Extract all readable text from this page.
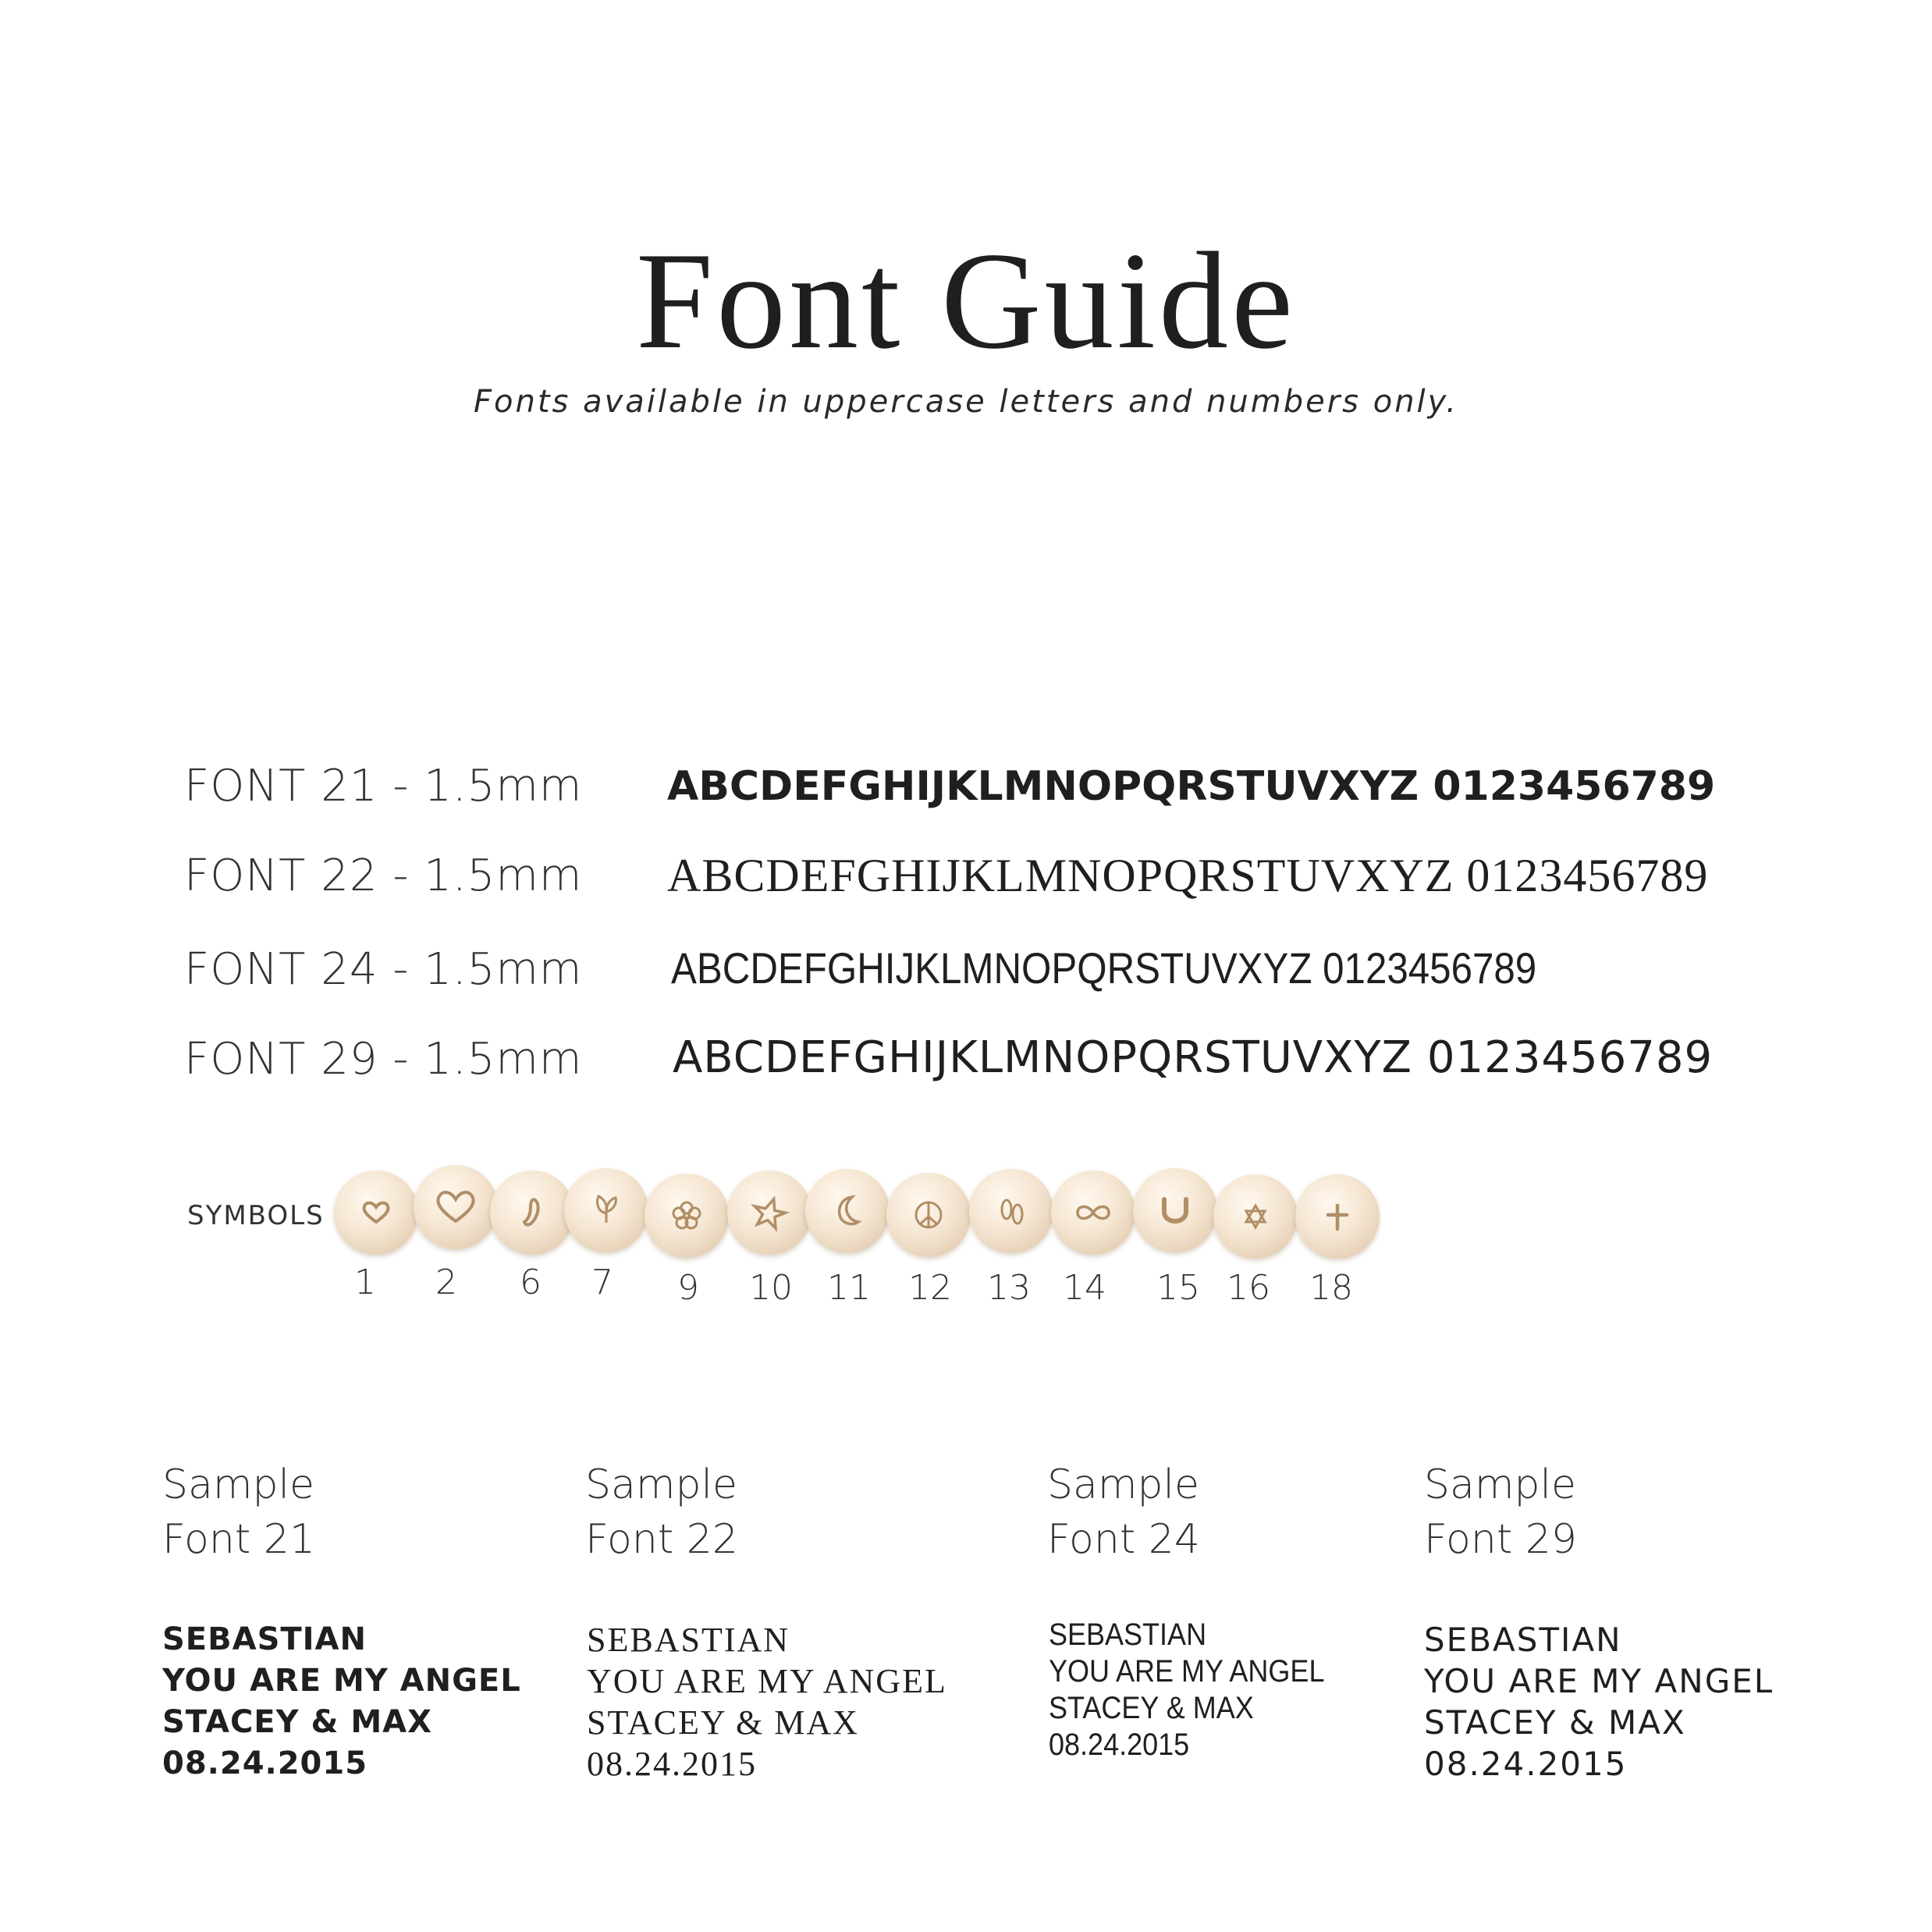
Font Guide
Fonts available in uppercase letters and numbers only.
FONT 21 - 1.5mm ABCDEFGHIJKLMNOPQRSTUVXYZ 0123456789
FONT 22 - 1.5mm ABCDEFGHIJKLMNOPQRSTUVXYZ 0123456789
FONT 24 - 1.5mm ABCDEFGHIJKLMNOPQRSTUVXYZ 0123456789
FONT 29 - 1.5mm ABCDEFGHIJKLMNOPQRSTUVXYZ 0123456789
SYMBOLS
1	2	6	7	9	10 11 12 13 14 15 16 18
Sample
Font 21
Sample
Font 22
Sample
Font 24
Sample
Font 29
SEBASTIAN
YOU ARE MY ANGEL
STACEY & MAX
08.24.2015
SEBASTIAN
YOU ARE MY ANGEL
STACEY & MAX
08.24.2015
SEBASTIAN
YOU ARE MY ANGEL
STACEY & MAX
08.24.2015
SEBASTIAN
YOU ARE MY ANGEL
STACEY & MAX
08.24.2015
